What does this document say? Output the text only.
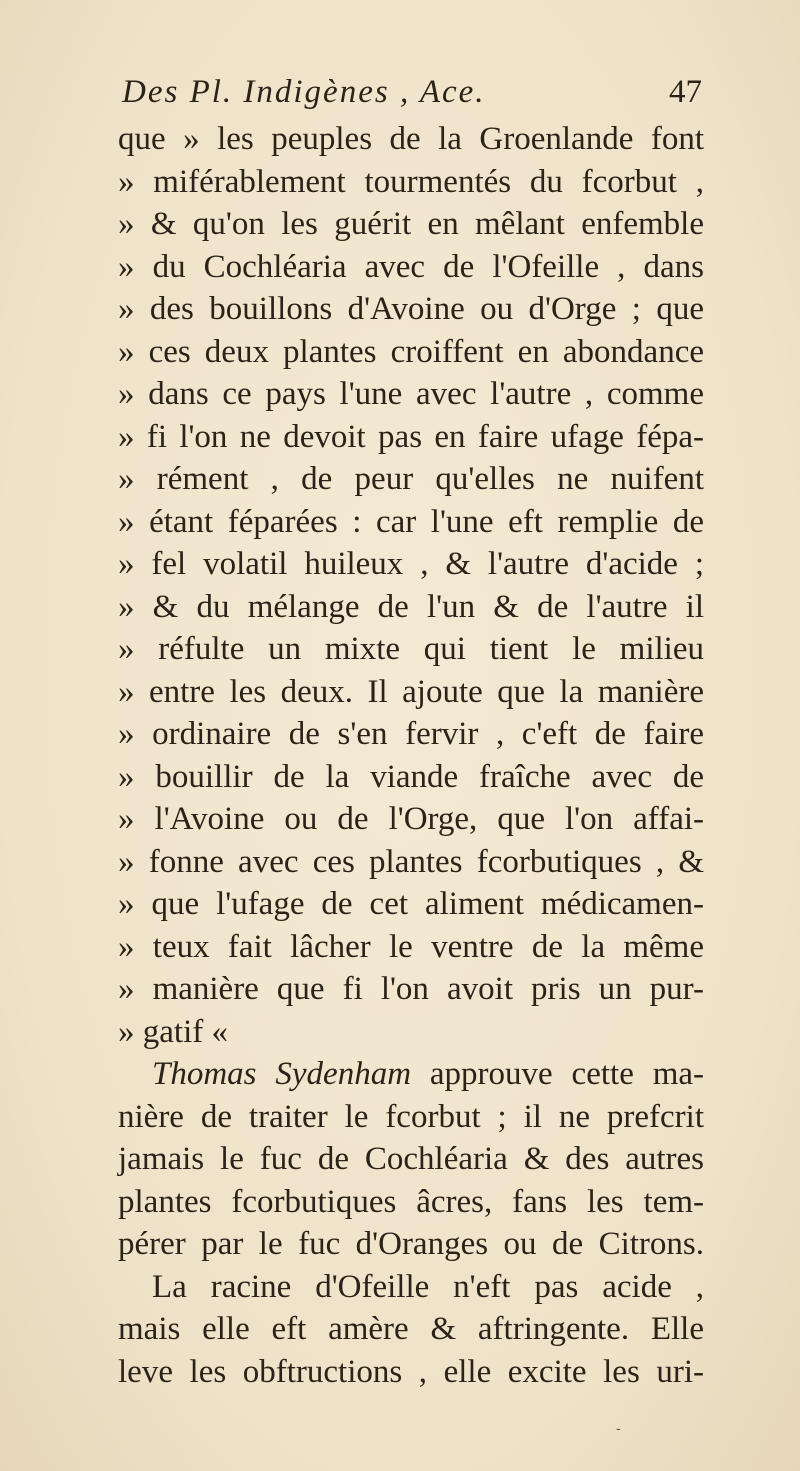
Des Pl. Indigènes , Ace.	47
que » les peuples de la Groenlande font
» miférablement tourmentés du fcorbut ,
» & qu'on les guérit en mêlant enfemble
» du Cochléaria avec de l'Ofeille , dans
» des bouillons d'Avoine ou d'Orge ; que
» ces deux plantes croiffent en abondance
» dans ce pays l'une avec l'autre , comme
» fi l'on ne devoit pas en faire ufage fépa-
» rément , de peur qu'elles ne nuifent
» étant féparées : car l'une eft remplie de
» fel volatil huileux , & l'autre d'acide ;
» & du mélange de l'un & de l'autre il
» réfulte un mixte qui tient le milieu
» entre les deux. Il ajoute que la manière
» ordinaire de s'en fervir , c'eft de faire
» bouillir de la viande fraîche avec de
» l'Avoine ou de l'Orge, que l'on affai-
» fonne avec ces plantes fcorbutiques , &
» que l'ufage de cet aliment médicamen-
» teux fait lâcher le ventre de la même
» manière que fi l'on avoit pris un pur-
» gatif «
Thomas Sydenham approuve cette ma-
nière de traiter le fcorbut ; il ne prefcrit
jamais le fuc de Cochléaria & des autres
plantes fcorbutiques âcres, fans les tem-
pérer par le fuc d'Oranges ou de Citrons.
La racine d'Ofeille n'eft pas acide ,
mais elle eft amère & aftringente. Elle
leve les obftructions , elle excite les uri-
-
